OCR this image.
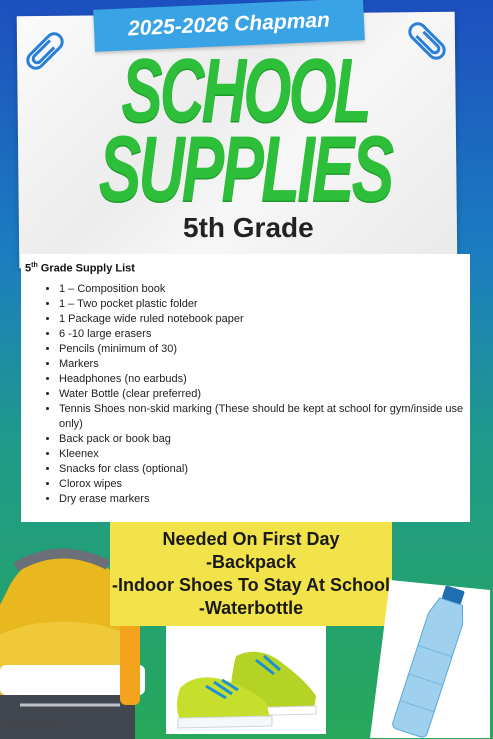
2025-2026 Chapman
SCHOOL
SUPPLIES
5th Grade
5th Grade Supply List
• 1 – Composition book
• 1 – Two pocket plastic folder
• 1 Package wide ruled notebook paper
• 6 -10 large erasers
• Pencils (minimum of 30)
• Markers
• Headphones (no earbuds)
• Water Bottle (clear preferred)
• Tennis Shoes non-skid marking (These should be kept at school for gym/inside use only)
• Back pack or book bag
• Kleenex
• Snacks for class (optional)
• Clorox wipes
• Dry erase markers
Needed On First Day
-Backpack
-Indoor Shoes To Stay At School
-Waterbottle
Getty Stock
